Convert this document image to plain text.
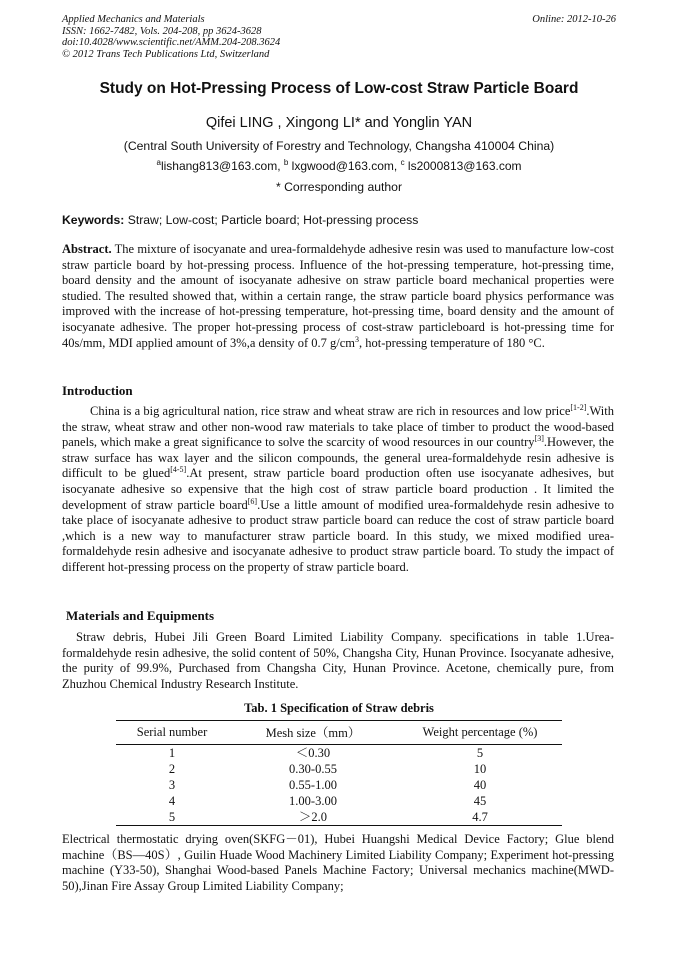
Applied Mechanics and Materials
ISSN: 1662-7482, Vols. 204-208, pp 3624-3628
doi:10.4028/www.scientific.net/AMM.204-208.3624
© 2012 Trans Tech Publications Ltd, Switzerland
Online: 2012-10-26
Study on Hot-Pressing Process of Low-cost Straw Particle Board
Qifei LING , Xingong LI* and Yonglin YAN
(Central South University of Forestry and Technology, Changsha 410004 China)
$^a$lishang813@163.com, $^b$ lxgwood@163.com, $^c$ ls2000813@163.com
* Corresponding author
Keywords: Straw; Low-cost; Particle board; Hot-pressing process
Abstract. The mixture of isocyanate and urea-formaldehyde adhesive resin was used to manufacture low-cost straw particle board by hot-pressing process. Influence of the hot-pressing temperature, hot-pressing time, board density and the amount of isocyanate adhesive on straw particle board mechanical properties were studied. The resulted showed that, within a certain range, the straw particle board physics performance was improved with the increase of hot-pressing temperature, hot-pressing time, board density and the amount of isocyanate adhesive. The proper hot-pressing process of cost-straw particleboard is hot-pressing time for 40s/mm, MDI applied amount of 3%,a density of 0.7 $g/cm^3$, hot-pressing temperature of 180 °C.
Introduction
China is a big agricultural nation, rice straw and wheat straw are rich in resources and low price[1-2].With the straw, wheat straw and other non-wood raw materials to take place of timber to product the wood-based panels, which make a great significance to solve the scarcity of wood resources in our country[3].However, the straw surface has wax layer and the silicon compounds, the general urea-formaldehyde resin adhesive is difficult to be glued[4-5].At present, straw particle board production often use isocyanate adhesives, but isocyanate adhesive so expensive that the high cost of straw particle board production . It limited the development of straw particle board[6].Use a little amount of modified urea-formaldehyde resin adhesive to take place of isocyanate adhesive to product straw particle board can reduce the cost of straw particle board ,which is a new way to manufacturer straw particle board. In this study, we mixed modified urea-formaldehyde resin adhesive and isocyanate adhesive to product straw particle board. To study the impact of different hot-pressing process on the property of straw particle board.
Materials and Equipments
Straw debris, Hubei Jili Green Board Limited Liability Company. specifications in table 1.Urea-formaldehyde resin adhesive, the solid content of 50%, Changsha City, Hunan Province. Isocyanate adhesive, the purity of 99.9%, Purchased from Changsha City, Hunan Province. Acetone, chemically pure, from Zhuzhou Chemical Industry Research Institute.
Tab. 1 Specification of Straw debris
Serial number	Mesh size（mm）	Weight percentage (%)
1	＜0.30	5
2	0.30-0.55	10
3	0.55-1.00	40
4	1.00-3.00	45
5	＞2.0	4.7
Electrical thermostatic drying oven(SKFG－01), Hubei Huangshi Medical Device Factory; Glue blend machine（BS—40S）, Guilin Huade Wood Machinery Limited Liability Company; Experiment hot-pressing machine (Y33-50), Shanghai Wood-based Panels Machine Factory; Universal mechanics machine(MWD-50),Jinan Fire Assay Group Limited Liability Company;
